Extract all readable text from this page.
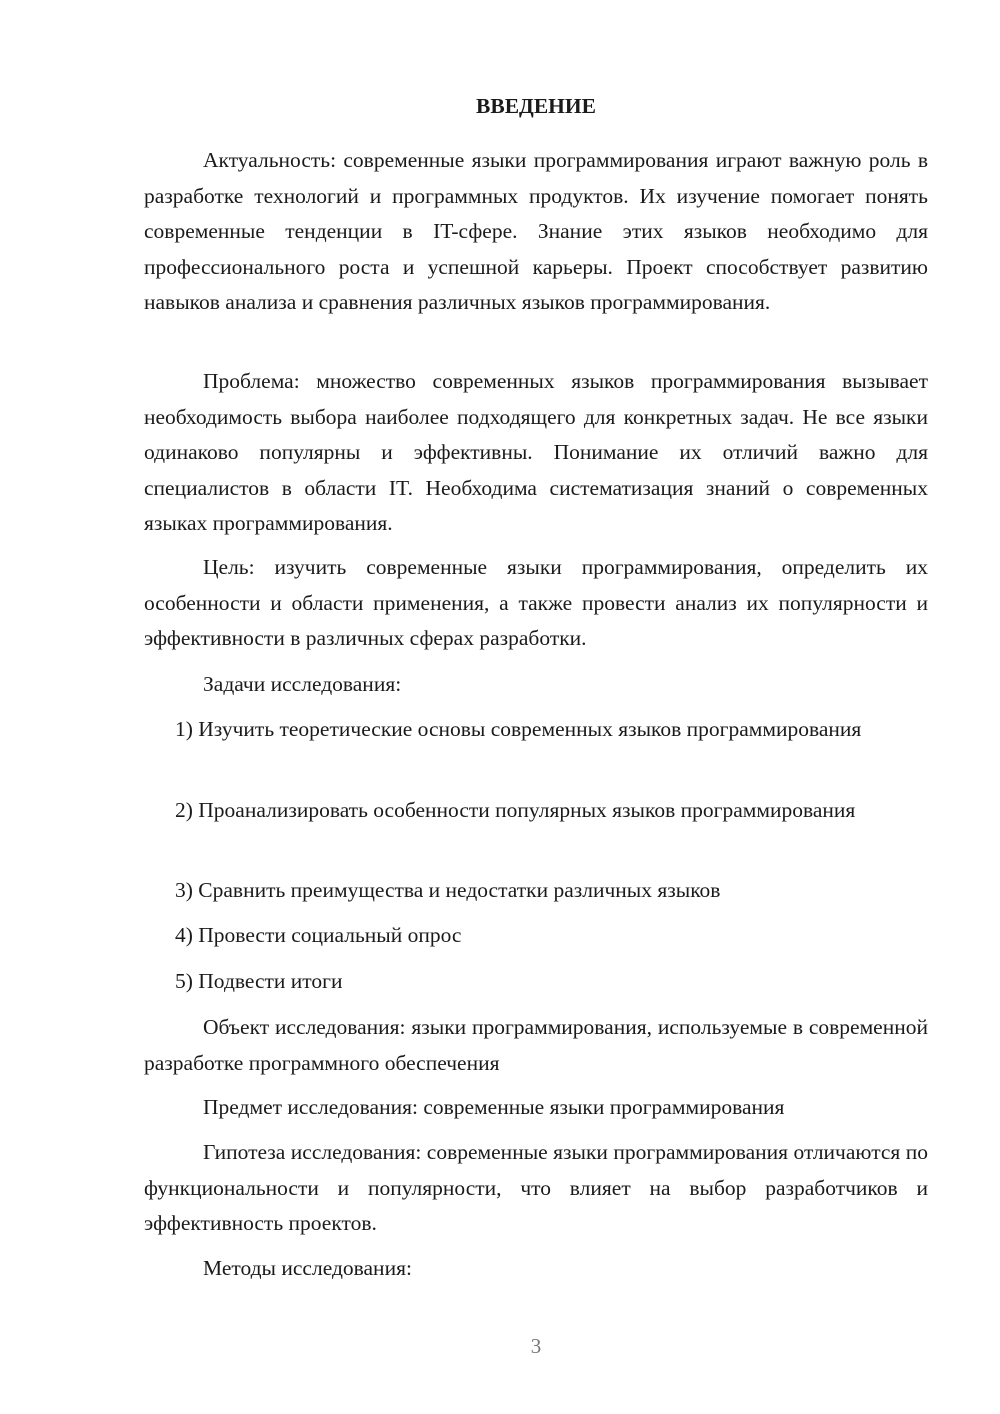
ВВЕДЕНИЕ

Актуальность: современные языки программирования играют важную роль в разработке технологий и программных продуктов. Их изучение помогает понять современные тенденции в IT-сфере. Знание этих языков необходимо для профессионального роста и успешной карьеры. Проект способствует развитию навыков анализа и сравнения различных языков программирования.

Проблема: множество современных языков программирования вызывает необходимость выбора наиболее подходящего для конкретных задач. Не все языки одинаково популярны и эффективны. Понимание их отличий важно для специалистов в области IT. Необходима систематизация знаний о современных языках программирования.

Цель: изучить современные языки программирования, определить их особенности и области применения, а также провести анализ их популярности и эффективности в различных сферах разработки.

Задачи исследования:

1) Изучить теоретические основы современных языков программирования

2) Проанализировать особенности популярных языков программирования

3) Сравнить преимущества и недостатки различных языков

4) Провести социальный опрос

5) Подвести итоги

Объект исследования: языки программирования, используемые в современной разработке программного обеспечения

Предмет исследования: современные языки программирования

Гипотеза исследования: современные языки программирования отличаются по функциональности и популярности, что влияет на выбор разработчиков и эффективность проектов.

Методы исследования:

3
